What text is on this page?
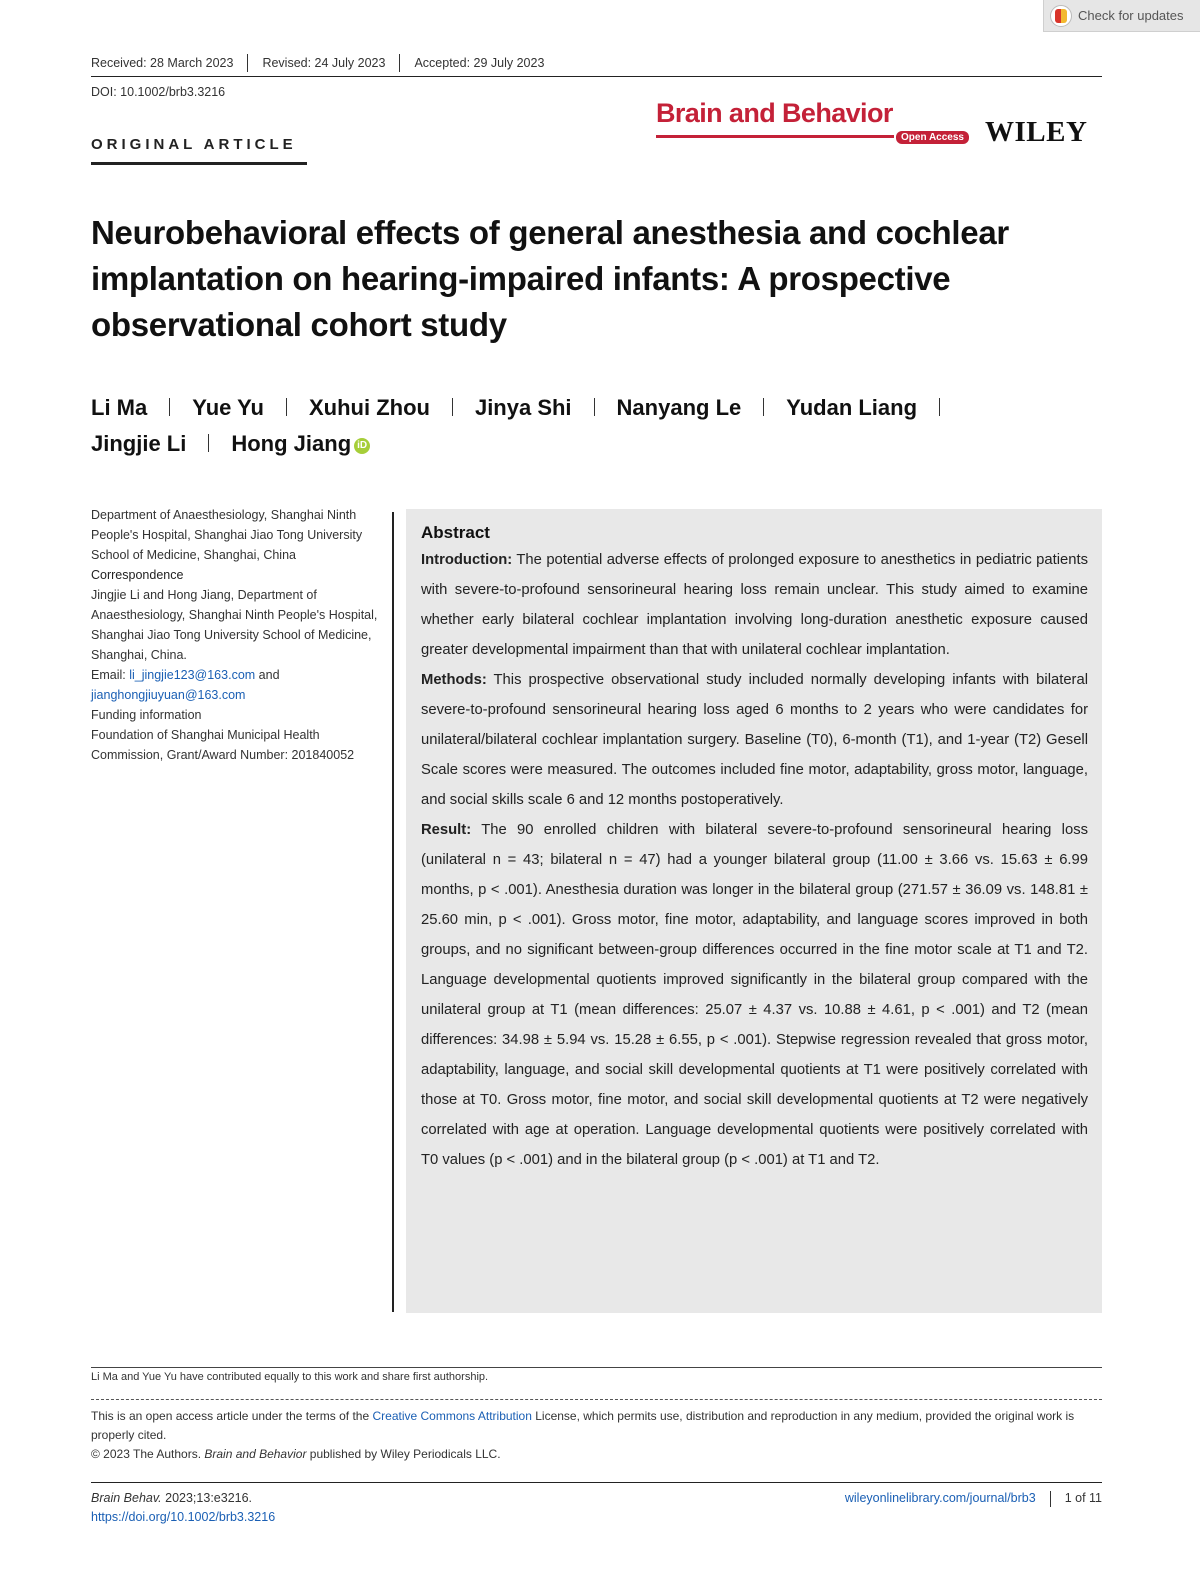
Check for updates
Received: 28 March 2023	Revised: 24 July 2023	Accepted: 29 July 2023
DOI: 10.1002/brb3.3216
Brain and Behavior
Open Access WILEY
ORIGINAL ARTICLE
Neurobehavioral effects of general anesthesia and cochlear implantation on hearing-impaired infants: A prospective observational cohort study
Li Ma Yue Yu Xuhui Zhou Jinya Shi Nanyang Le Yudan Liang
Jingjie Li Hong Jiang iD

Department of Anaesthesiology, Shanghai Ninth People's Hospital, Shanghai Jiao Tong University School of Medicine, Shanghai, China

Correspondence

Jingjie Li and Hong Jiang, Department of Anaesthesiology, Shanghai Ninth People's Hospital, Shanghai Jiao Tong University School of Medicine, Shanghai, China.

Email: li_jingjie123@163.com and
jianghongjiuyuan@163.com

Funding information

Foundation of Shanghai Municipal Health Commission, Grant/Award Number: 201840052

Abstract

Introduction: The potential adverse effects of prolonged exposure to anesthetics in pediatric patients with severe-to-profound sensorineural hearing loss remain unclear. This study aimed to examine whether early bilateral cochlear implantation involving long-duration anesthetic exposure caused greater developmental impairment than that with unilateral cochlear implantation.

Methods: This prospective observational study included normally developing infants with bilateral severe-to-profound sensorineural hearing loss aged 6 months to 2 years who were candidates for unilateral/bilateral cochlear implantation surgery. Baseline (T0), 6-month (T1), and 1-year (T2) Gesell Scale scores were measured. The outcomes included fine motor, adaptability, gross motor, language, and social skills scale 6 and 12 months postoperatively.

Result: The 90 enrolled children with bilateral severe-to-profound sensorineural hearing loss (unilateral n = 43; bilateral n = 47) had a younger bilateral group (11.00 ± 3.66 vs. 15.63 ± 6.99 months, p < .001). Anesthesia duration was longer in the bilateral group (271.57 ± 36.09 vs. 148.81 ± 25.60 min, p < .001). Gross motor, fine motor, adaptability, and language scores improved in both groups, and no significant between-group differences occurred in the fine motor scale at T1 and T2. Language developmental quotients improved significantly in the bilateral group compared with the unilateral group at T1 (mean differences: 25.07 ± 4.37 vs. 10.88 ± 4.61, p < .001) and T2 (mean differences: 34.98 ± 5.94 vs. 15.28 ± 6.55, p < .001). Stepwise regression revealed that gross motor, adaptability, language, and social skill developmental quotients at T1 were positively correlated with those at T0. Gross motor, fine motor, and social skill developmental quotients at T2 were negatively correlated with age at operation. Language developmental quotients were positively correlated with T0 values (p < .001) and in the bilateral group (p < .001) at T1 and T2.

Li Ma and Yue Yu have contributed equally to this work and share first authorship.
This is an open access article under the terms of the Creative Commons Attribution License, which permits use, distribution and reproduction in any medium, provided the original work is properly cited.
© 2023 The Authors. Brain and Behavior published by Wiley Periodicals LLC.
Brain Behav. 2023;13:e3216.
https://doi.org/10.1002/brb3.3216
wileyonlinelibrary.com/journal/brb3 1 of 11
